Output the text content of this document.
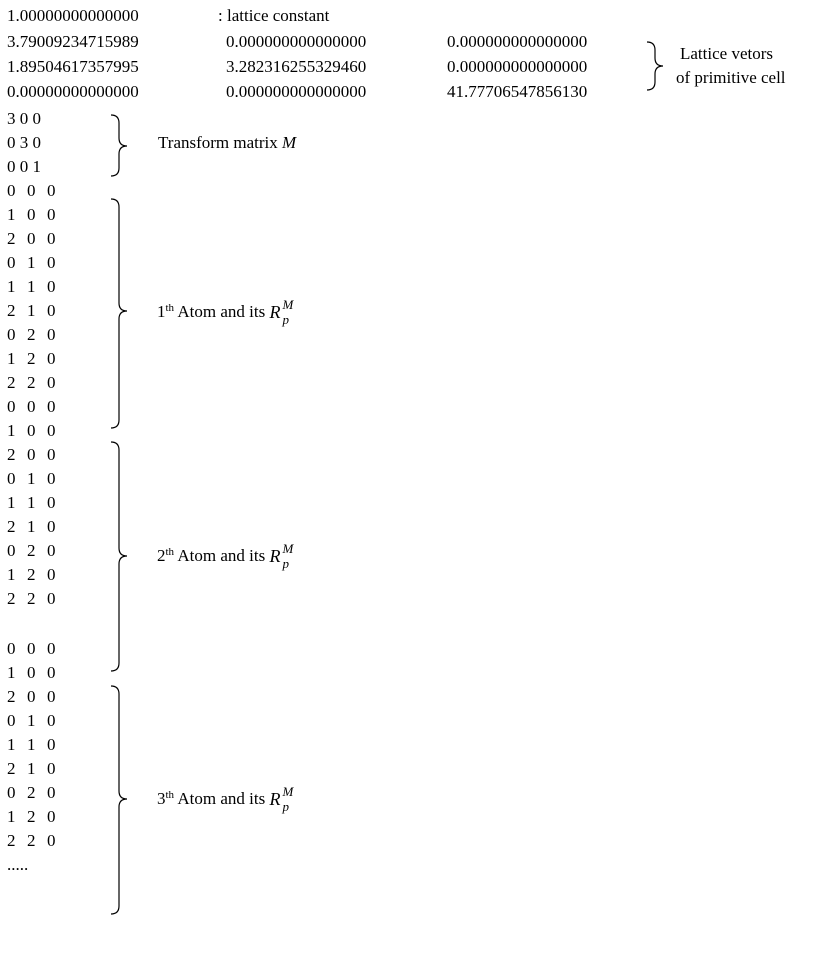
1.00000000000000	: lattice constant
3.79009234715989	0.000000000000000	0.000000000000000
1.89504617357995	3.282316255329460	0.000000000000000
0.00000000000000	0.000000000000000	41.77706547856130
Lattice vetors
of primitive cell
3 0 0
0 3 0
0 0 1
Transform matrix M
0 0 0
1 0 0
2 0 0
0 1 0
1 1 0
2 1 0
0 2 0
1 2 0
2 2 0
1th Atom and its R M
p
0 0 0
1 0 0
2 0 0
0 1 0
1 1 0
2 1 0
0 2 0
1 2 0
2 2 0
2th Atom and its R M
p
0 0 0
1 0 0
2 0 0
0 1 0
1 1 0
2 1 0
0 2 0
1 2 0
2 2 0
3th Atom and its R M
p
.....
